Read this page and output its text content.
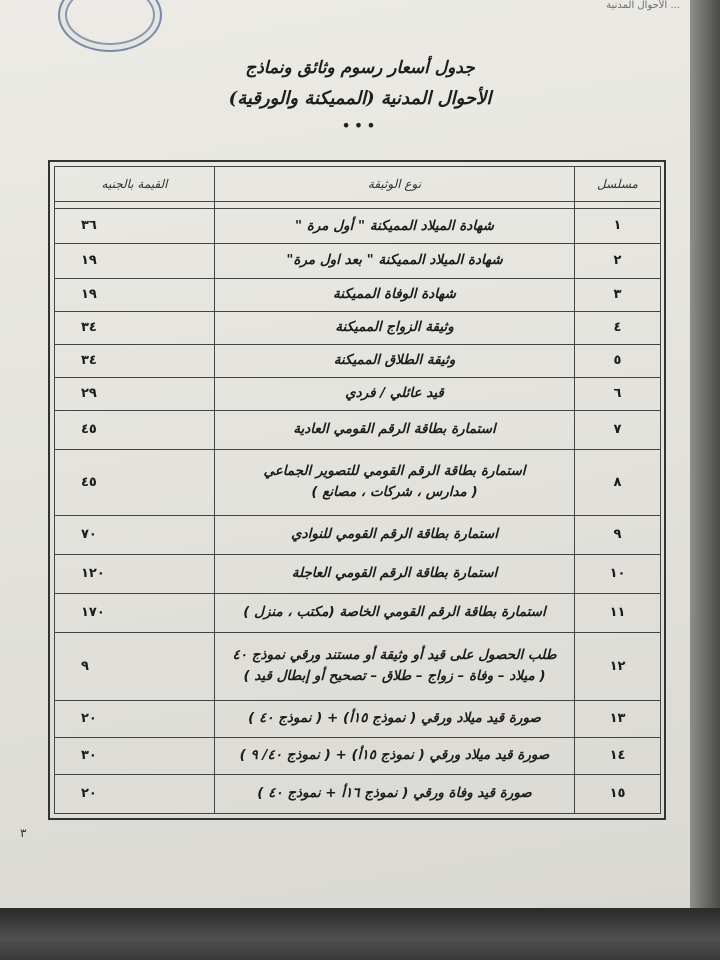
... الأحوال المدنية
جدول أسعار رسوم وثائق ونماذج
الأحوال المدنية (المميكنة والورقية)
•••
مسلسل	نوع الوثيقة	القيمة بالجنيه

١	شهادة الميلاد المميكنة " أول مرة "	٣٦
٢	شهادة الميلاد المميكنة " بعد اول مرة"	١٩
٣	شهادة الوفاة المميكنة	١٩
٤	وثيقة الزواج المميكنة	٣٤
٥	وثيقة الطلاق المميكنة	٣٤
٦	قيد عائلي / فردي	٢٩
٧	استمارة بطاقة الرقم القومي العادية	٤٥
٨	استمارة بطاقة الرقم القومي للتصوير الجماعي
( مدارس ، شركات ، مصانع )	٤٥
٩	استمارة بطاقة الرقم القومي للنوادي	٧٠
١٠	استمارة بطاقة الرقم القومي العاجلة	١٢٠
١١	استمارة بطاقة الرقم القومي الخاصة (مكتب ، منزل )	١٧٠
١٢	طلب الحصول على قيد أو وثيقة أو مستند ورقي نموذج ٤٠
( ميلاد – وفاة – زواج – طلاق – تصحيح أو إبطال قيد )	٩
١٣	صورة قيد ميلاد ورقي ( نموذج ١٥أ) + ( نموذج ٤٠ )	٢٠
١٤	صورة قيد ميلاد ورقي ( نموذج ١٥أ) + ( نموذج ٤٠/ ٩ )	٣٠
١٥	صورة قيد وفاة ورقي ( نموذج ١٦أ + نموذج ٤٠ )	٢٠
٣
